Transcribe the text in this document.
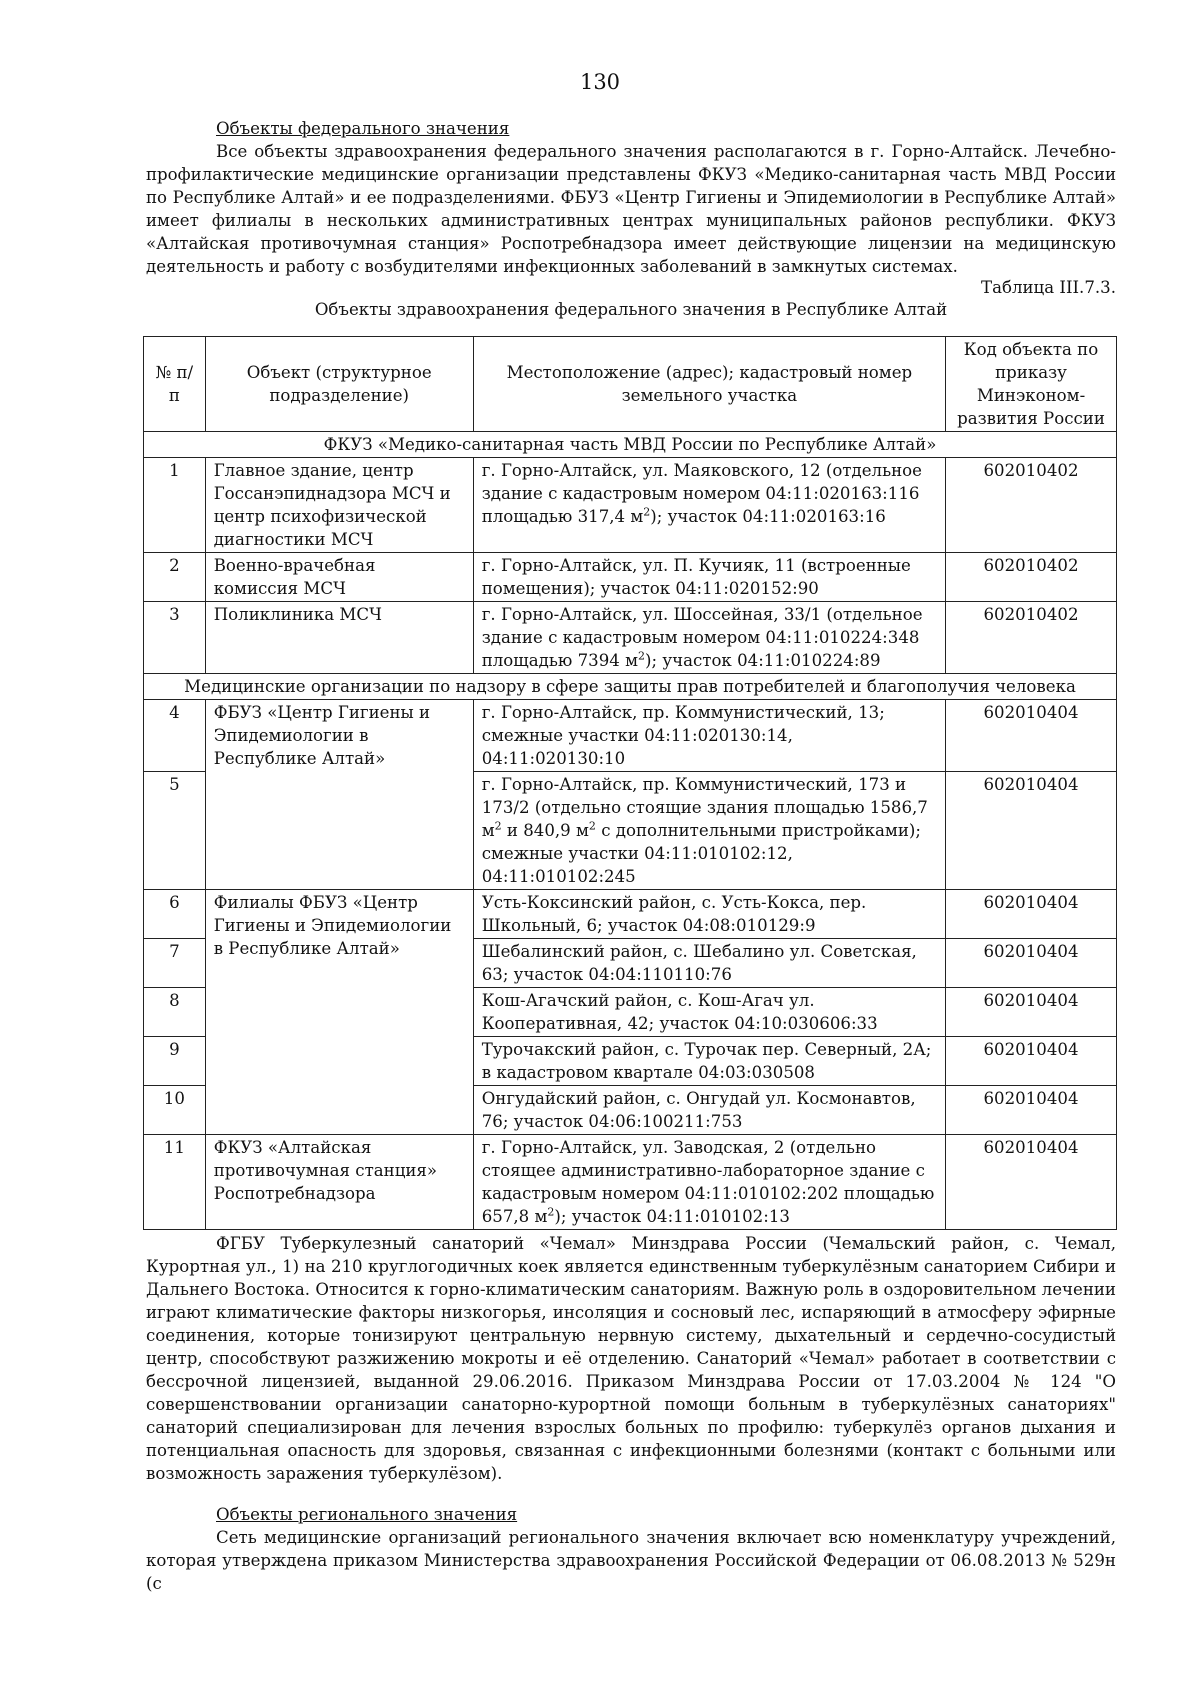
130

Объекты федерального значения

Все объекты здравоохранения федерального значения располагаются в г. Горно-Алтайск. Лечебно-профилактические медицинские организации представлены ФКУЗ «Медико-санитарная часть МВД России по Республике Алтай» и ее подразделениями. ФБУЗ «Центр Гигиены и Эпидемиологии в Республике Алтай» имеет филиалы в нескольких административных центрах муниципальных районов республики. ФКУЗ «Алтайская противочумная станция» Роспотребнадзора имеет действующие лицензии на медицинскую деятельность и работу с возбудителями инфекционных заболеваний в замкнутых системах.

Таблица III.7.3.
Объекты здравоохранения федерального значения в Республике Алтай
№ п/п	Объект (структурное подразделение)	Местоположение (адрес); кадастровый номер земельного участка	Код объекта по приказу Минэконом-развития России
ФКУЗ «Медико-санитарная часть МВД России по Республике Алтай»			
1	Главное здание, центр Госсанэпиднадзора МСЧ и центр психофизической диагностики МСЧ	г. Горно-Алтайск, ул. Маяковского, 12 (отдельное здание с кадастровым номером 04:11:020163:116 площадью 317,4 $м^2$); участок 04:11:020163:16	602010402
2	Военно-врачебная комиссия МСЧ	г. Горно-Алтайск, ул. П. Кучияк, 11 (встроенные помещения); участок 04:11:020152:90	602010402
3	Поликлиника МСЧ	г. Горно-Алтайск, ул. Шоссейная, 33/1 (отдельное здание с кадастровым номером 04:11:010224:348 площадью 7394 $м^2$); участок 04:11:010224:89	602010402
Медицинские организации по надзору в сфере защиты прав потребителей и благополучия человека			
4	ФБУЗ «Центр Гигиены и Эпидемиологии в Республике Алтай»	г. Горно-Алтайск, пр. Коммунистический, 13; смежные участки 04:11:020130:14, 04:11:020130:10	602010404
5		г. Горно-Алтайск, пр. Коммунистический, 173 и 173/2 (отдельно стоящие здания площадью 1586,7 $м^2$ и 840,9 $м^2$ с дополнительными пристройками); смежные участки 04:11:010102:12, 04:11:010102:245	602010404
6	Филиалы ФБУЗ «Центр Гигиены и Эпидемиологии в Республике Алтай»	Усть-Коксинский район, с. Усть-Кокса, пер. Школьный, 6; участок 04:08:010129:9	602010404
7		Шебалинский район, с. Шебалино ул. Советская, 63; участок 04:04:110110:76	602010404
8		Кош-Агачский район, с. Кош-Агач ул. Кооперативная, 42; участок 04:10:030606:33	602010404
9		Турочакский район, с. Турочак пер. Северный, 2А; в кадастровом квартале 04:03:030508	602010404
10		Онгудайский район, с. Онгудай ул. Космонавтов, 76; участок 04:06:100211:753	602010404
11	ФКУЗ «Алтайская противочумная станция» Роспотребнадзора	г. Горно-Алтайск, ул. Заводская, 2 (отдельно стоящее административно-лабораторное здание с кадастровым номером 04:11:010102:202 площадью 657,8 $м^2$); участок 04:11:010102:13	602010404

ФГБУ Туберкулезный санаторий «Чемал» Минздрава России (Чемальский район, с. Чемал, Курортная ул., 1) на 210 круглогодичных коек является единственным туберкулёзным санаторием Сибири и Дальнего Востока. Относится к горно-климатическим санаториям. Важную роль в оздоровительном лечении играют климатические факторы низкогорья, инсоляция и сосновый лес, испаряющий в атмосферу эфирные соединения, которые тонизируют центральную нервную систему, дыхательный и сердечно-сосудистый центр, способствуют разжижению мокроты и её отделению. Санаторий «Чемал» работает в соответствии с бессрочной лицензией, выданной 29.06.2016. Приказом Минздрава России от 17.03.2004 № 124 "О совершенствовании организации санаторно-курортной помощи больным в туберкулёзных санаториях" санаторий специализирован для лечения взрослых больных по профилю: туберкулёз органов дыхания и потенциальная опасность для здоровья, связанная с инфекционными болезнями (контакт с больными или возможность заражения туберкулёзом).

Объекты регионального значения

Сеть медицинские организаций регионального значения включает всю номенклатуру учреждений, которая утверждена приказом Министерства здравоохранения Российской Федерации от 06.08.2013 № 529н (с
